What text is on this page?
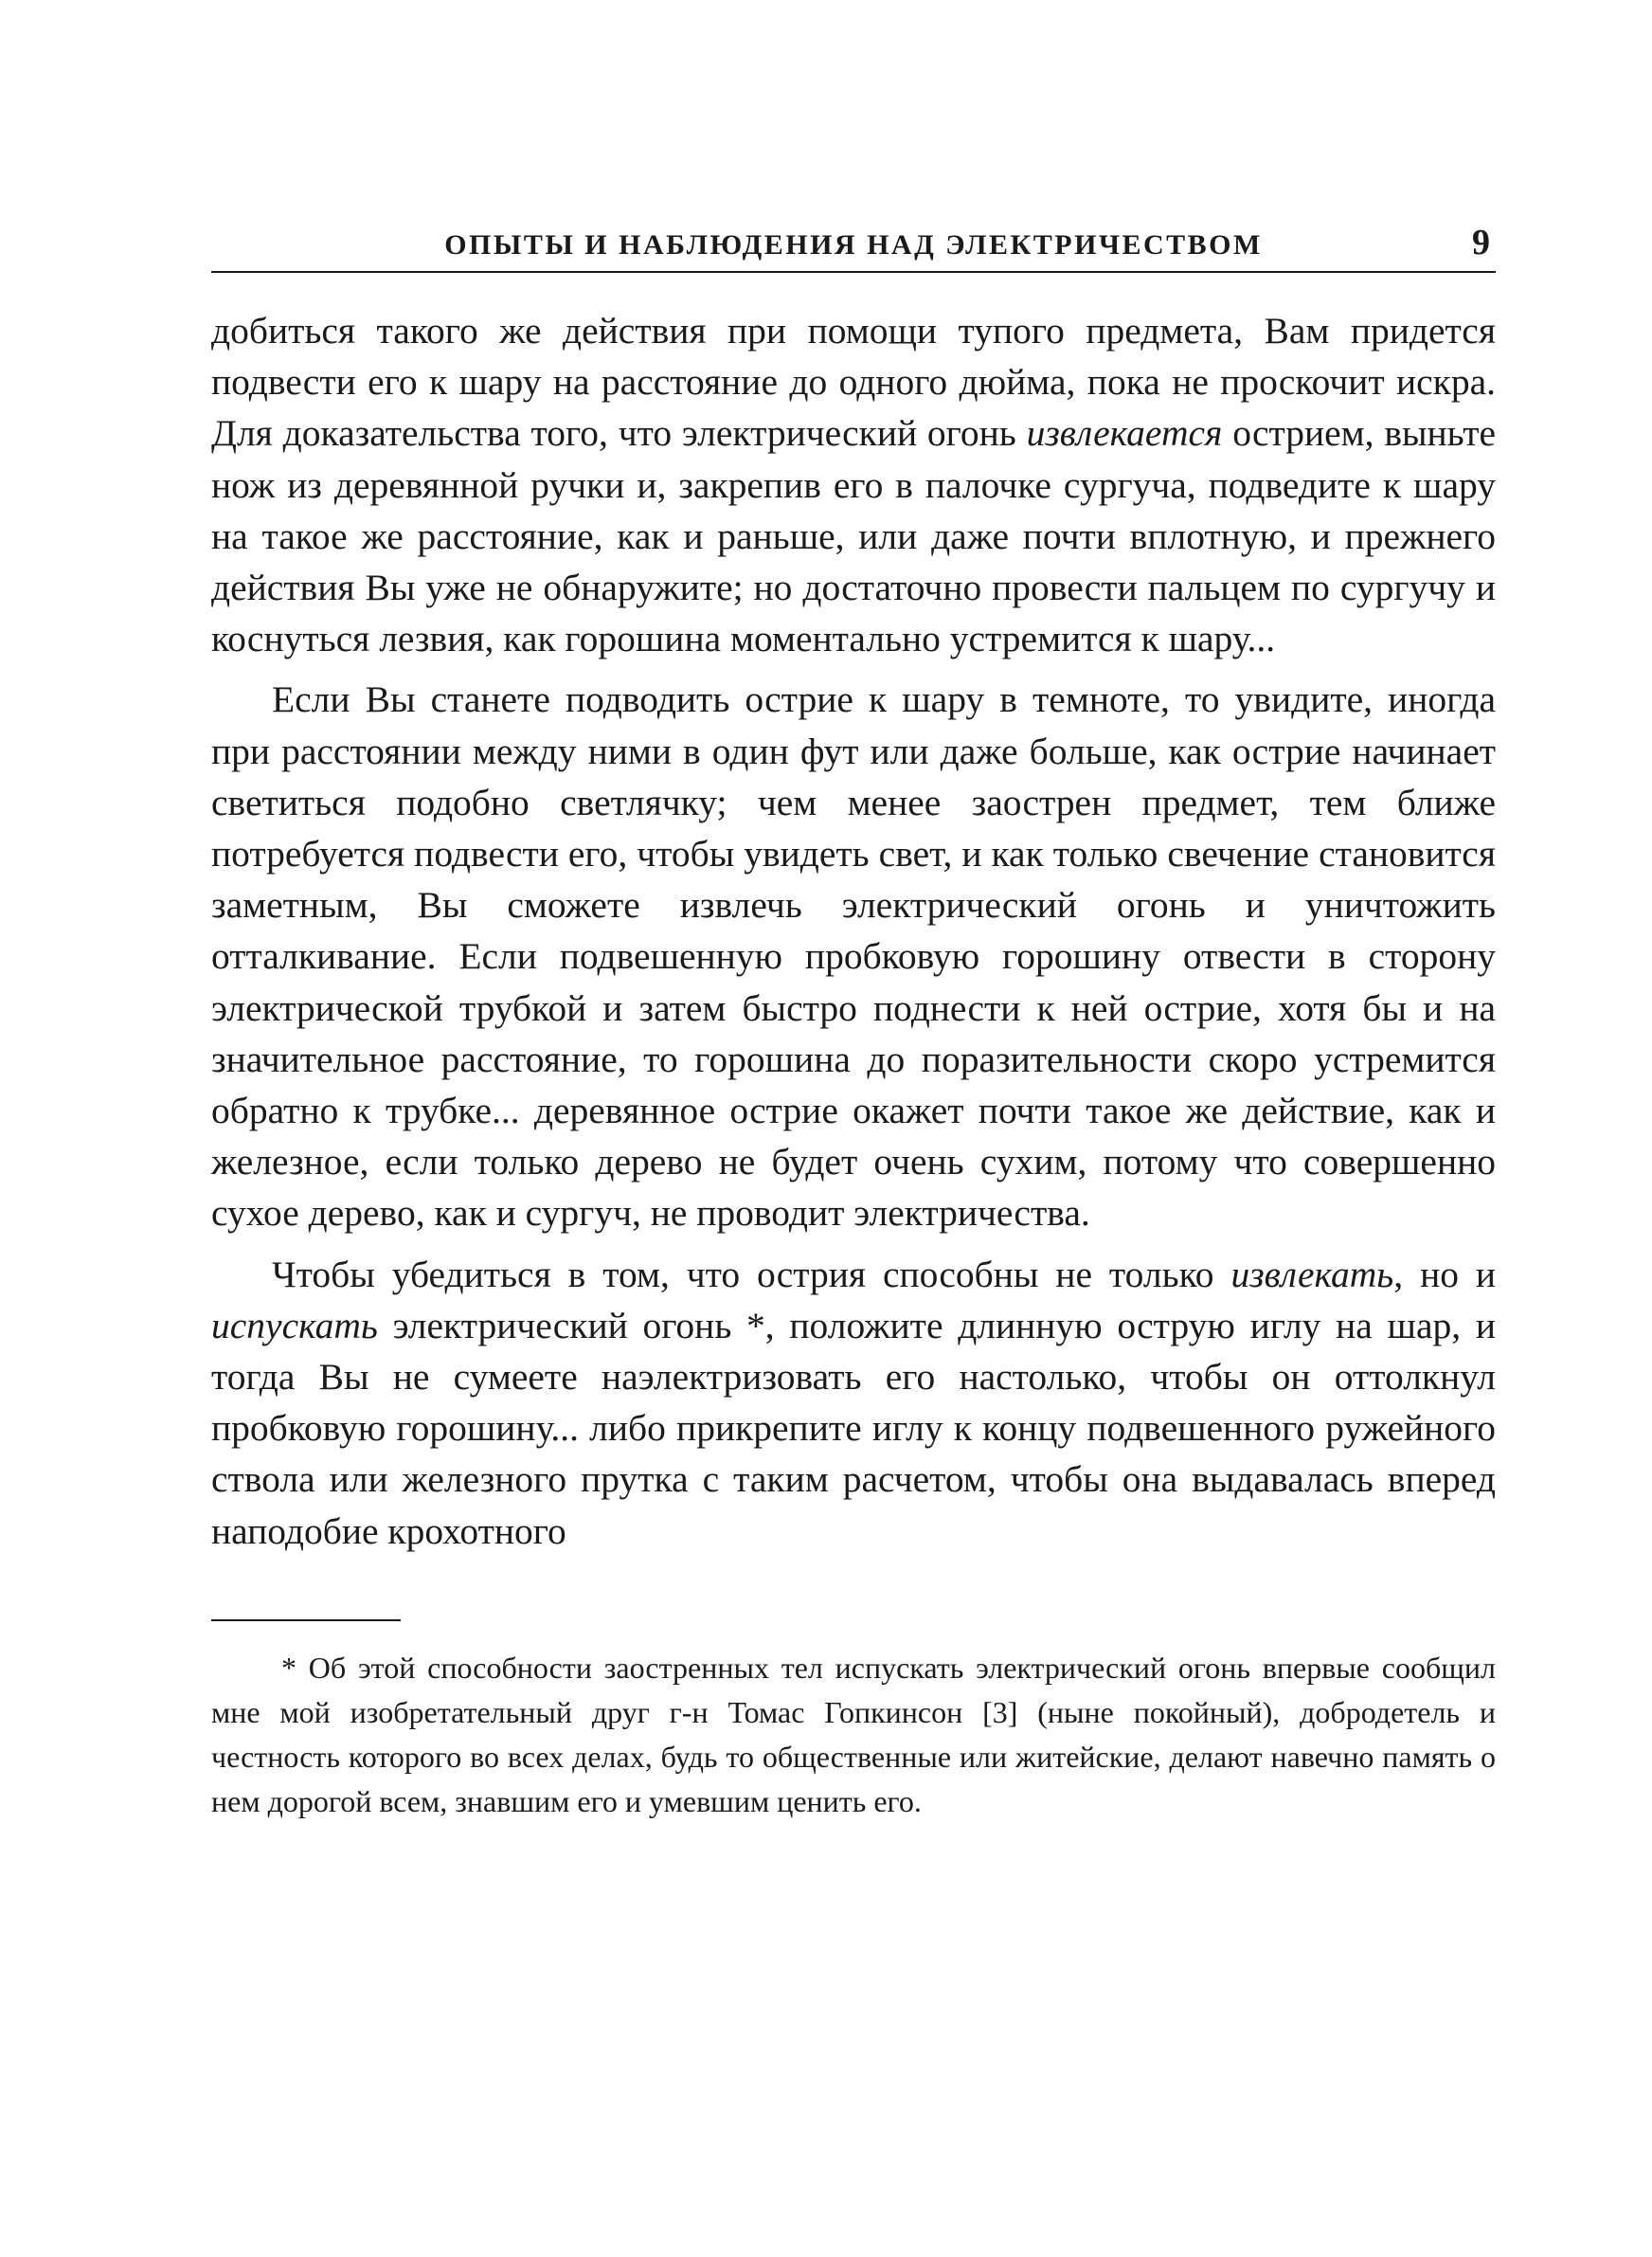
ОПЫТЫ И НАБЛЮДЕНИЯ НАД ЭЛЕКТРИЧЕСТВОМ	9

добиться такого же действия при помощи тупого предмета, Вам придется подвести его к шару на расстояние до одного дюйма, пока не проскочит искра. Для доказательства того, что электрический огонь извлекается острием, выньте нож из деревянной ручки и, закрепив его в палочке сургуча, подведите к шару на такое же расстояние, как и раньше, или даже почти вплотную, и прежнего действия Вы уже не обнаружите; но достаточно провести пальцем по сургучу и коснуться лезвия, как горошина моментально устремится к шару...

Если Вы станете подводить острие к шару в темноте, то увидите, иногда при расстоянии между ними в один фут или даже больше, как острие начинает светиться подобно светлячку; чем менее заострен предмет, тем ближе потребуется подвести его, чтобы увидеть свет, и как только свечение становится заметным, Вы сможете извлечь электрический огонь и уничтожить отталкивание. Если подвешенную пробковую горошину отвести в сторону электрической трубкой и затем быстро поднести к ней острие, хотя бы и на значительное расстояние, то горошина до поразительности скоро устремится обратно к трубке... деревянное острие окажет почти такое же действие, как и железное, если только дерево не будет очень сухим, потому что совершенно сухое дерево, как и сургуч, не проводит электричества.

Чтобы убедиться в том, что острия способны не только извлекать, но и испускать электрический огонь *, положите длинную острую иглу на шар, и тогда Вы не сумеете наэлектризовать его настолько, чтобы он оттолкнул пробковую горошину... либо прикрепите иглу к концу подвешенного ружейного ствола или железного прутка с таким расчетом, чтобы она выдавалась вперед наподобие крохотного

* Об этой способности заостренных тел испускать электрический огонь впервые сообщил мне мой изобретательный друг г-н Томас Гопкинсон [3] (ныне покойный), добродетель и честность которого во всех делах, будь то общественные или житейские, делают навечно память о нем дорогой всем, знавшим его и умевшим ценить его.
